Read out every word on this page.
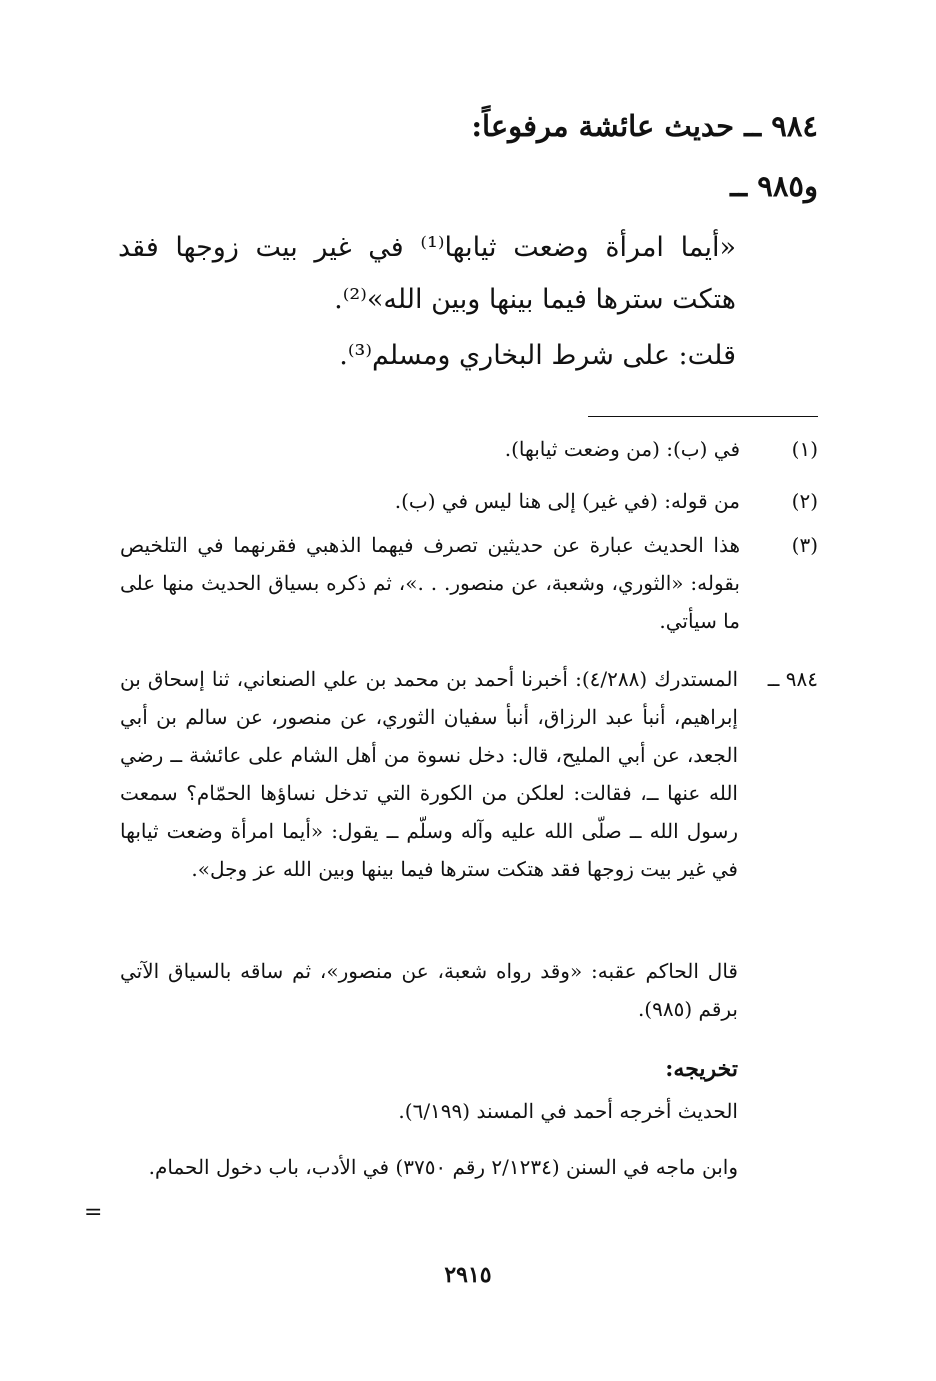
٩٨٤ ــ حديث عائشة مرفوعاً:
و٩٨٥ ــ
«أيما امرأة وضعت ثيابها⁽¹⁾ في غير بيت زوجها فقد هتكت سترها فيما بينها وبين الله»⁽²⁾.
قلت: على شرط البخاري ومسلم⁽³⁾.
(١)
في (ب): (من وضعت ثيابها).
(٢)
من قوله: (في غير) إلى هنا ليس في (ب).
(٣)
هذا الحديث عبارة عن حديثين تصرف فيهما الذهبي فقرنهما في التلخيص بقوله: «الثوري، وشعبة، عن منصور. . .»، ثم ذكره بسياق الحديث منها على ما سيأتي.
٩٨٤ ــ
المستدرك (٤/٢٨٨): أخبرنا أحمد بن محمد بن علي الصنعاني، ثنا إسحاق بن إبراهيم، أنبأ عبد الرزاق، أنبأ سفيان الثوري، عن منصور، عن سالم بن أبي الجعد، عن أبي المليح، قال: دخل نسوة من أهل الشام على عائشة ــ رضي الله عنها ــ، فقالت: لعلكن من الكورة التي تدخل نساؤها الحمّام؟ سمعت رسول الله ــ صلّى الله عليه وآله وسلّم ــ يقول: «أيما امرأة وضعت ثيابها في غير بيت زوجها فقد هتكت سترها فيما بينها وبين الله عز وجل».
قال الحاكم عقبه: «وقد رواه شعبة، عن منصور»، ثم ساقه بالسياق الآتي برقم (٩٨٥).
تخريجه:
الحديث أخرجه أحمد في المسند (٦/١٩٩).
وابن ماجه في السنن (٢/١٢٣٤ رقم ٣٧٥٠) في الأدب، باب دخول الحمام.
=
٢٩١٥
